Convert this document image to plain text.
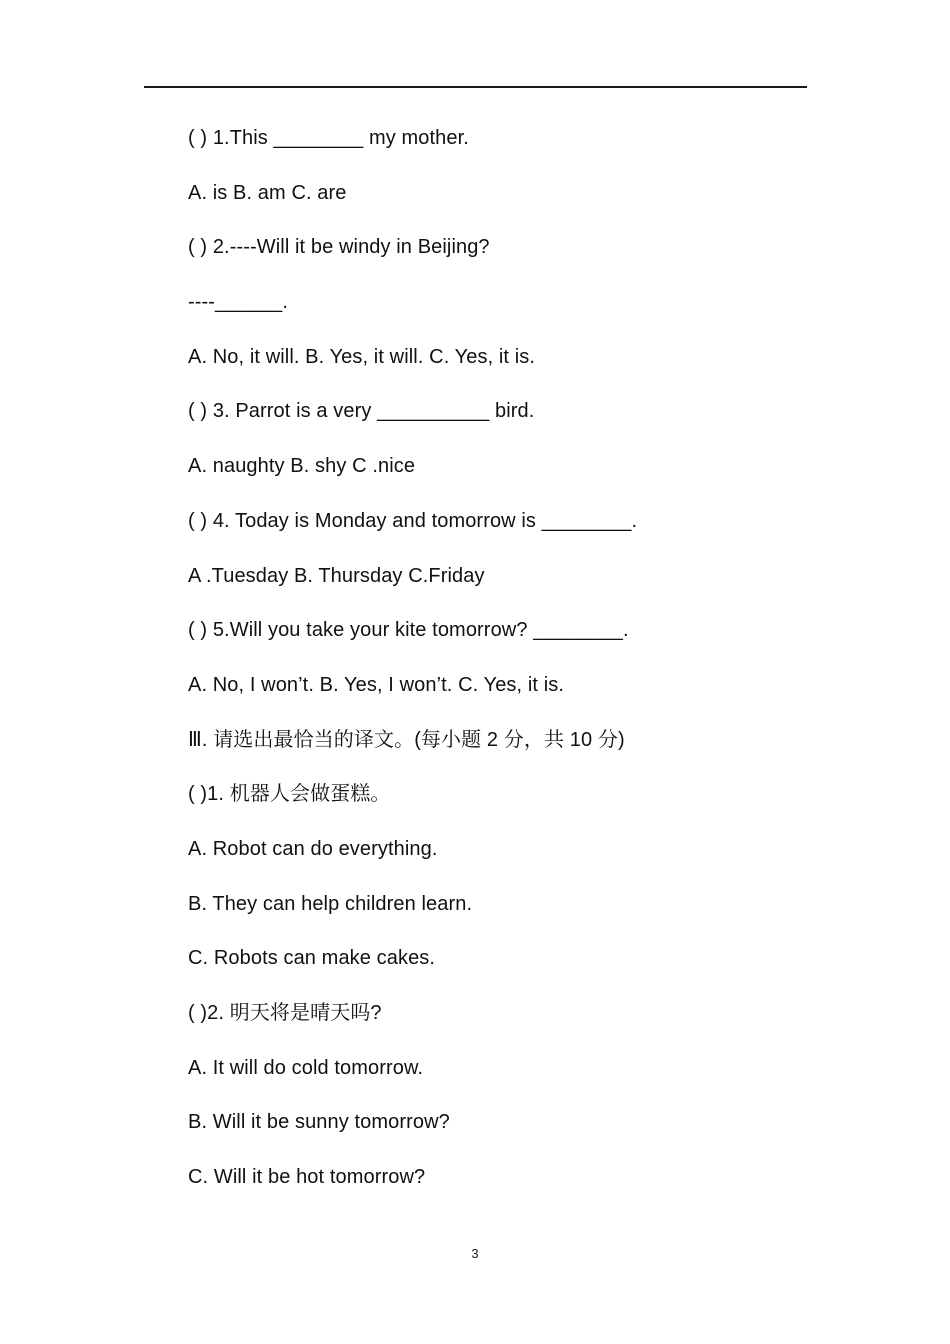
( ) 1.This ________ my mother.
A. is B. am C. are
( ) 2.----Will it be windy in Beijing?
----______.
A. No, it will. B. Yes, it will. C. Yes, it is.
( ) 3. Parrot is a very __________ bird.
A. naughty B. shy C .nice
( ) 4. Today is Monday and tomorrow is ________.
A .Tuesday B. Thursday C.Friday
( ) 5.Will you take your kite tomorrow? ________.
A. No, I won’t. B. Yes, I won’t. C. Yes, it is.
Ⅲ. 请选出最恰当的译文。(每小题 2 分，共 10 分)
( )1. 机器人会做蛋糕。
A. Robot can do everything.
B. They can help children learn.
C. Robots can make cakes.
( )2. 明天将是晴天吗?
A. It will do cold tomorrow.
B. Will it be sunny tomorrow?
C. Will it be hot tomorrow?
3
